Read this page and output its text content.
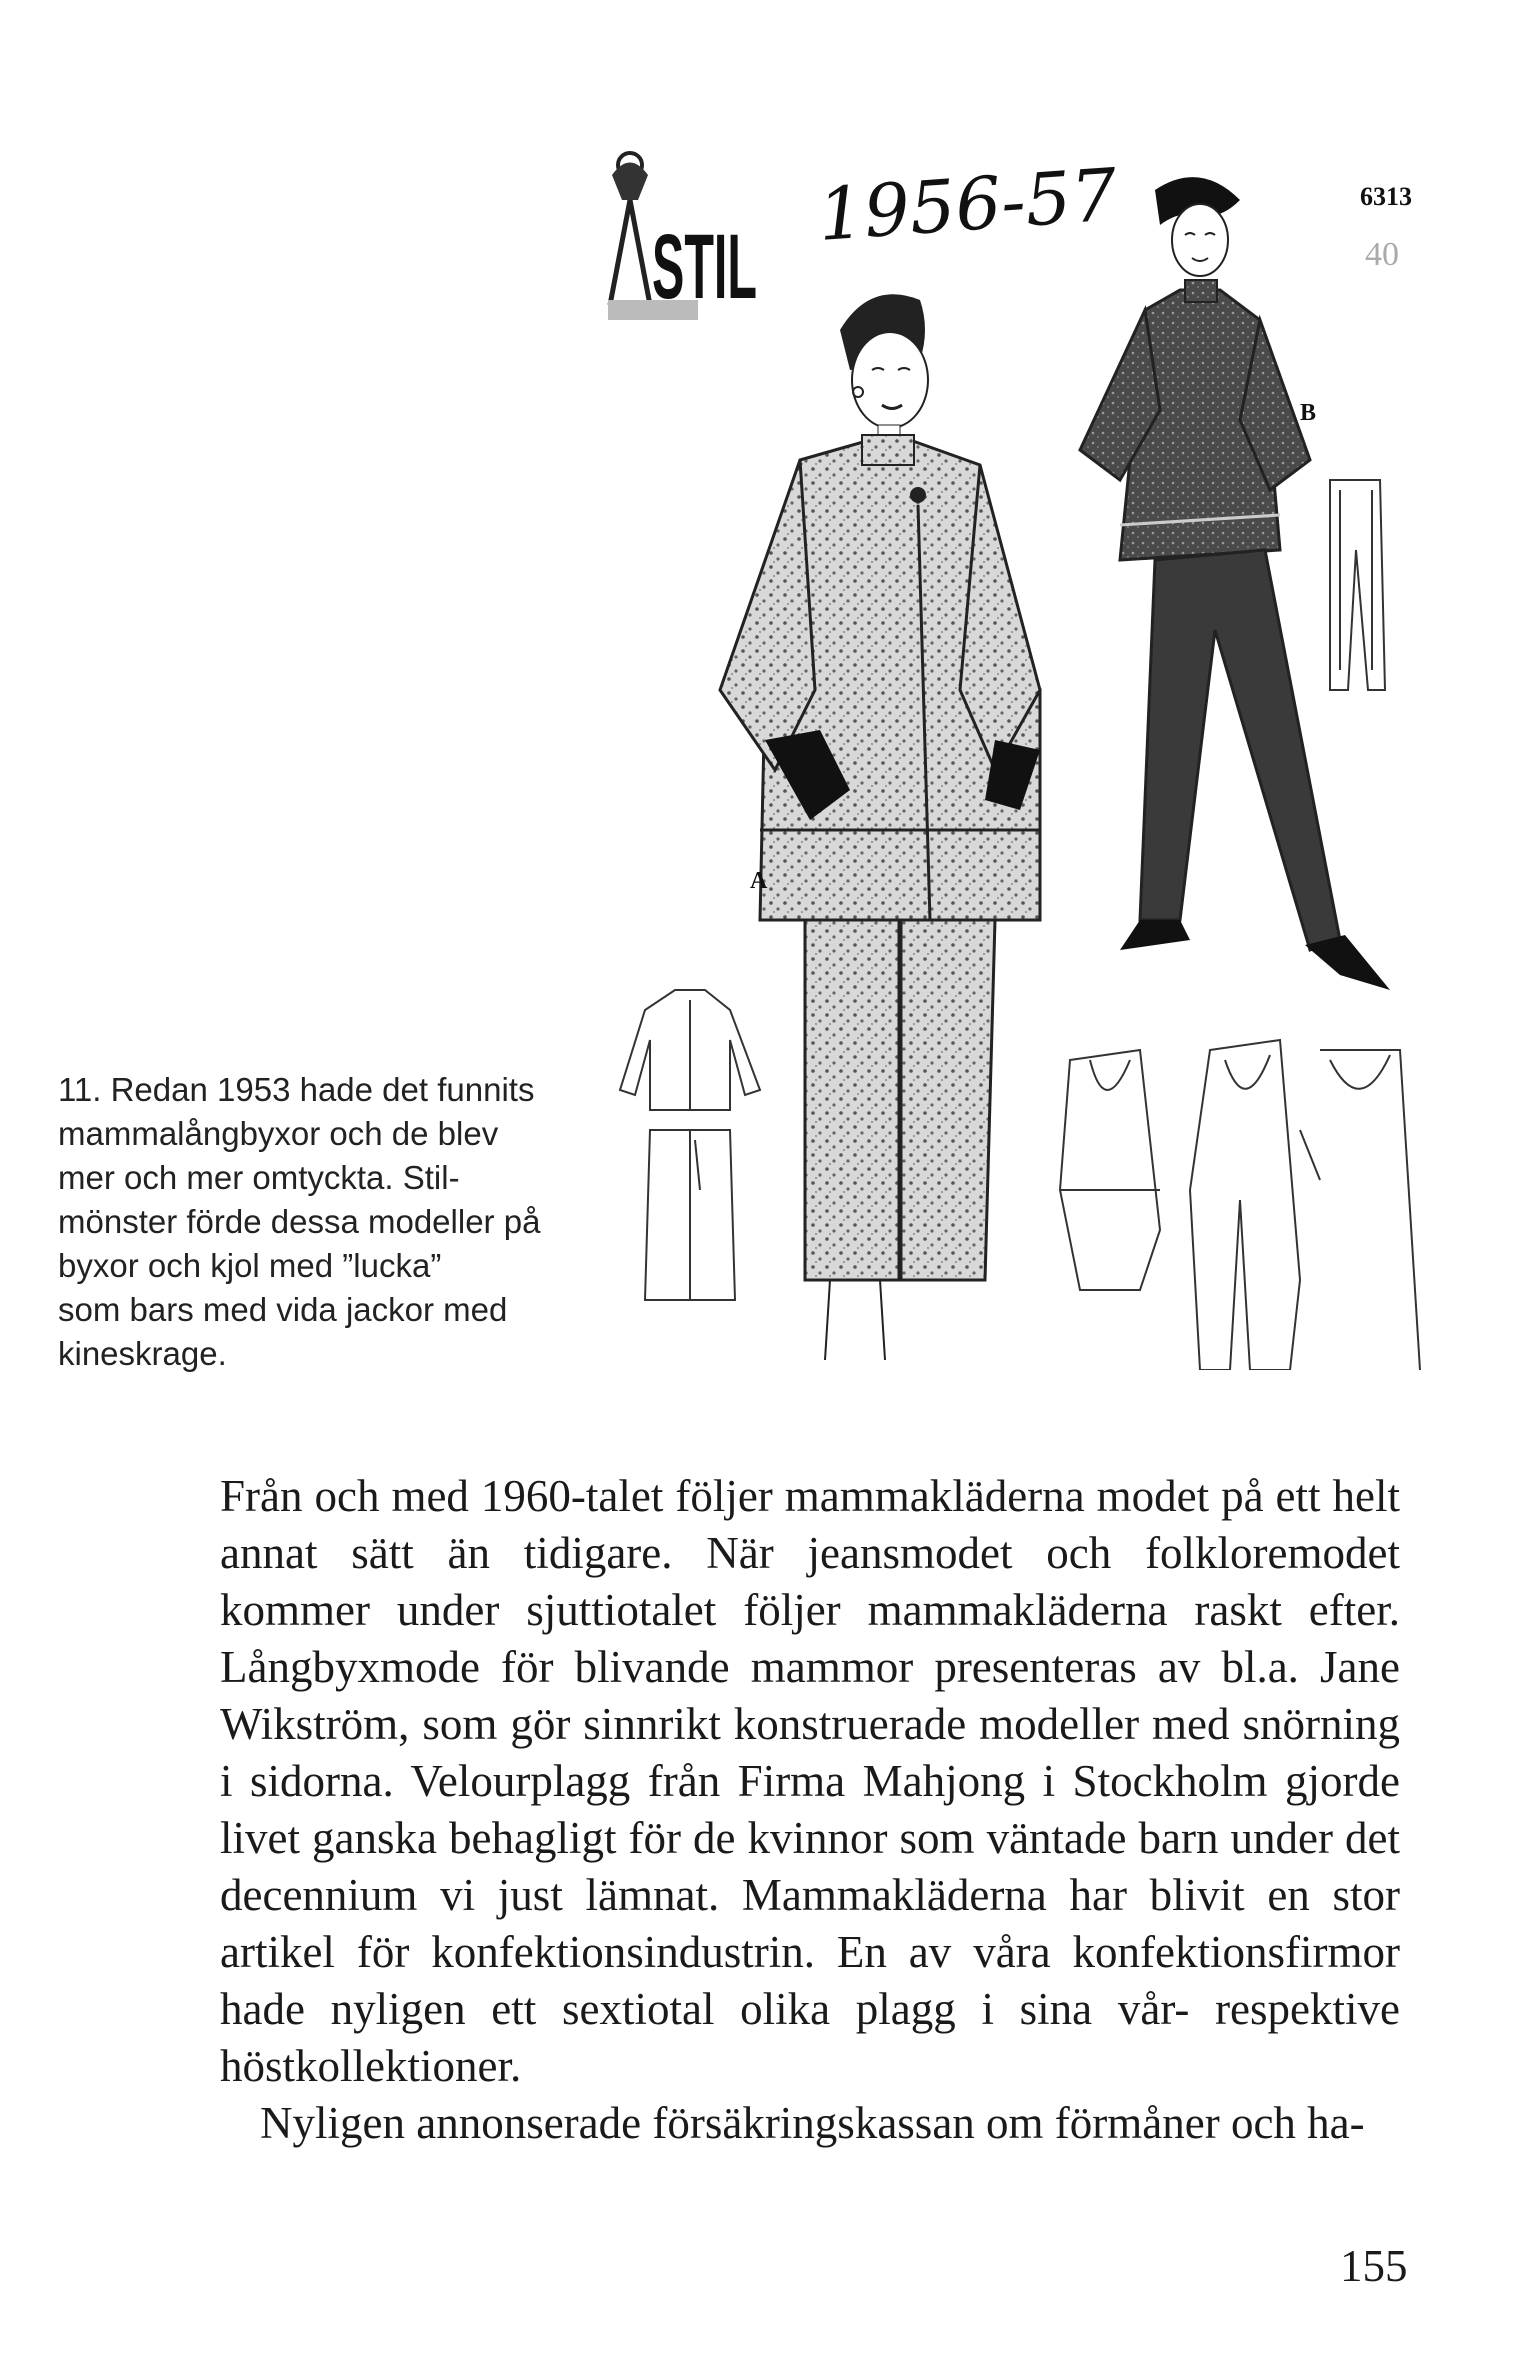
STIL
1956-57	6313
40
A
B

11. Redan 1953 hade det funnits

mammalångbyxor och de blev

mer och mer omtyckta. Stil-

mönster förde dessa modeller på

byxor och kjol med ”lucka”

som bars med vida jackor med

kineskrage.

Från och med 1960-talet följer mammakläderna modet på ett helt annat sätt än tidigare. När jeansmodet och folkloremodet kommer under sjuttiotalet följer mammakläderna raskt efter. Långbyxmode för blivande mammor presenteras av bl.a. Jane Wikström, som gör sinnrikt konstruerade modeller med snörning i sidorna. Velourplagg från Firma Mahjong i Stockholm gjorde livet ganska behagligt för de kvinnor som väntade barn under det decennium vi just lämnat. Mammakläderna har blivit en stor artikel för konfektionsindustrin. En av våra konfektionsfirmor hade nyligen ett sextiotal olika plagg i sina vår- respektive höstkollektioner.

Nyligen annonserade försäkringskassan om förmåner och ha-

155
